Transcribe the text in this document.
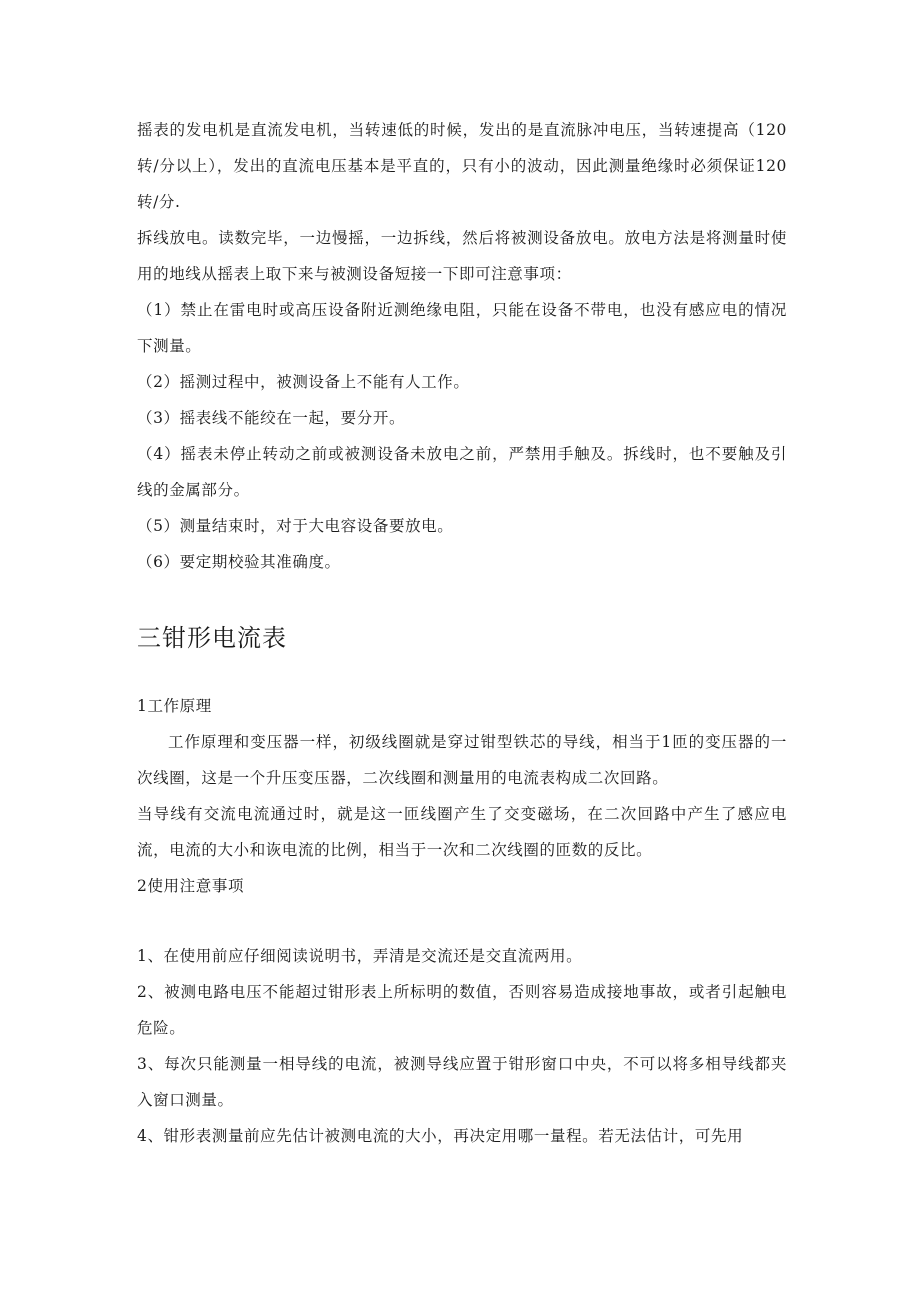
摇表的发电机是直流发电机，当转速低的时候，发出的是直流脉冲电压，当转速提高（120转/分以上），发出的直流电压基本是平直的，只有小的波动，因此测量绝缘时必须保证120转/分.

拆线放电。读数完毕，一边慢摇，一边拆线，然后将被测设备放电。放电方法是将测量时使用的地线从摇表上取下来与被测设备短接一下即可注意事项：

（1）禁止在雷电时或高压设备附近测绝缘电阻，只能在设备不带电，也没有感应电的情况下测量。

（2）摇测过程中，被测设备上不能有人工作。

（3）摇表线不能绞在一起，要分开。

（4）摇表未停止转动之前或被测设备未放电之前，严禁用手触及。拆线时，也不要触及引线的金属部分。

（5）测量结束时，对于大电容设备要放电。

（6）要定期校验其准确度。

三钳形电流表

1工作原理

工作原理和变压器一样，初级线圈就是穿过钳型铁芯的导线，相当于1匝的变压器的一次线圈，这是一个升压变压器，二次线圈和测量用的电流表构成二次回路。

当导线有交流电流通过时，就是这一匝线圈产生了交变磁场，在二次回路中产生了感应电流，电流的大小和诙电流的比例，相当于一次和二次线圈的匝数的反比。

2使用注意事项

1、在使用前应仔细阅读说明书，弄清是交流还是交直流两用。

2、被测电路电压不能超过钳形表上所标明的数值，否则容易造成接地事故，或者引起触电危险。

3、每次只能测量一相导线的电流，被测导线应置于钳形窗口中央，不可以将多相导线都夹入窗口测量。

4、钳形表测量前应先估计被测电流的大小，再决定用哪一量程。若无法估计，可先用
